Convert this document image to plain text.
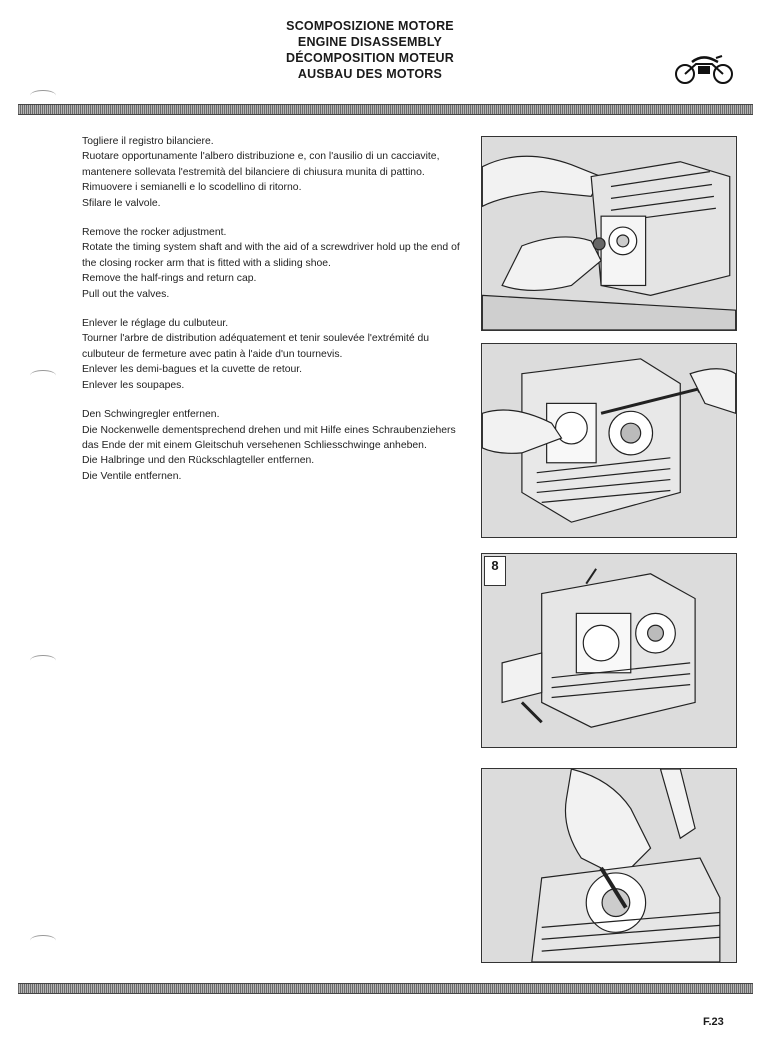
SCOMPOSIZIONE MOTORE
ENGINE DISASSEMBLY
DÉCOMPOSITION MOTEUR
AUSBAU DES MOTORS

Togliere il registro bilanciere.
Ruotare opportunamente l'albero distribuzione e, con l'ausilio di un cacciavite, mantenere sollevata l'estremità del bilanciere di chiusura munita di pattino.
Rimuovere i semianelli e lo scodellino di ritorno.
Sfilare le valvole.

Remove the rocker adjustment.
Rotate the timing system shaft and with the aid of a screwdriver hold up the end of the closing rocker arm that is fitted with a sliding shoe.
Remove the half-rings and return cap.
Pull out the valves.

Enlever le réglage du culbuteur.
Tourner l'arbre de distribution adéquatement et tenir soulevée l'extrémité du culbuteur de fermeture avec patin à l'aide d'un tournevis.
Enlever les demi-bagues et la cuvette de retour.
Enlever les soupapes.

Den Schwingregler entfernen.
Die Nockenwelle dementsprechend drehen und mit Hilfe eines Schraubenziehers das Ende der mit einem Gleitschuh versehenen Schliesschwinge anheben.
Die Halbringe und den Rückschlagteller entfernen.
Die Ventile entfernen.

8
F.23
